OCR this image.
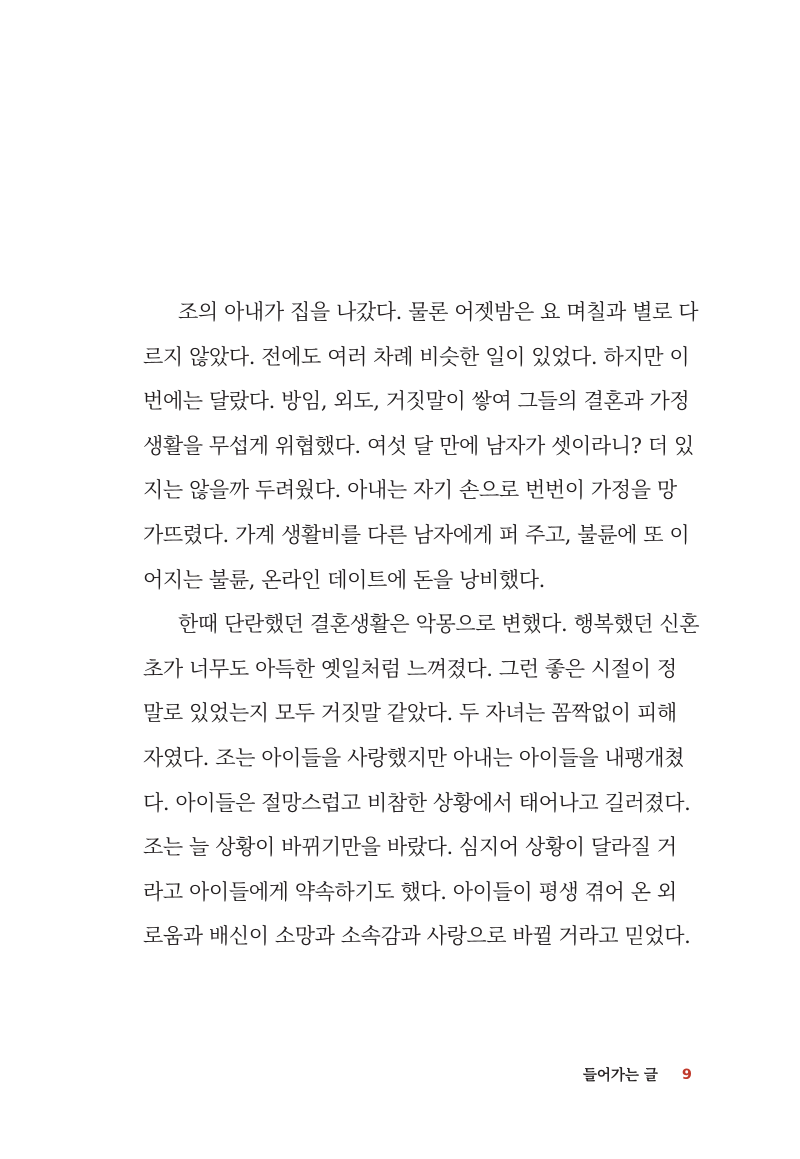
조의 아내가 집을 나갔다. 물론 어젯밤은 요 며칠과 별로 다
르지 않았다. 전에도 여러 차례 비슷한 일이 있었다. 하지만 이
번에는 달랐다. 방임, 외도, 거짓말이 쌓여 그들의 결혼과 가정
생활을 무섭게 위협했다. 여섯 달 만에 남자가 셋이라니? 더 있
지는 않을까 두려웠다. 아내는 자기 손으로 번번이 가정을 망
가뜨렸다. 가계 생활비를 다른 남자에게 퍼 주고, 불륜에 또 이
어지는 불륜, 온라인 데이트에 돈을 낭비했다.
한때 단란했던 결혼생활은 악몽으로 변했다. 행복했던 신혼
초가 너무도 아득한 옛일처럼 느껴졌다. 그런 좋은 시절이 정
말로 있었는지 모두 거짓말 같았다. 두 자녀는 꼼짝없이 피해
자였다. 조는 아이들을 사랑했지만 아내는 아이들을 내팽개쳤
다. 아이들은 절망스럽고 비참한 상황에서 태어나고 길러졌다.
조는 늘 상황이 바뀌기만을 바랐다. 심지어 상황이 달라질 거
라고 아이들에게 약속하기도 했다. 아이들이 평생 겪어 온 외
로움과 배신이 소망과 소속감과 사랑으로 바뀔 거라고 믿었다.
들어가는 글 9
